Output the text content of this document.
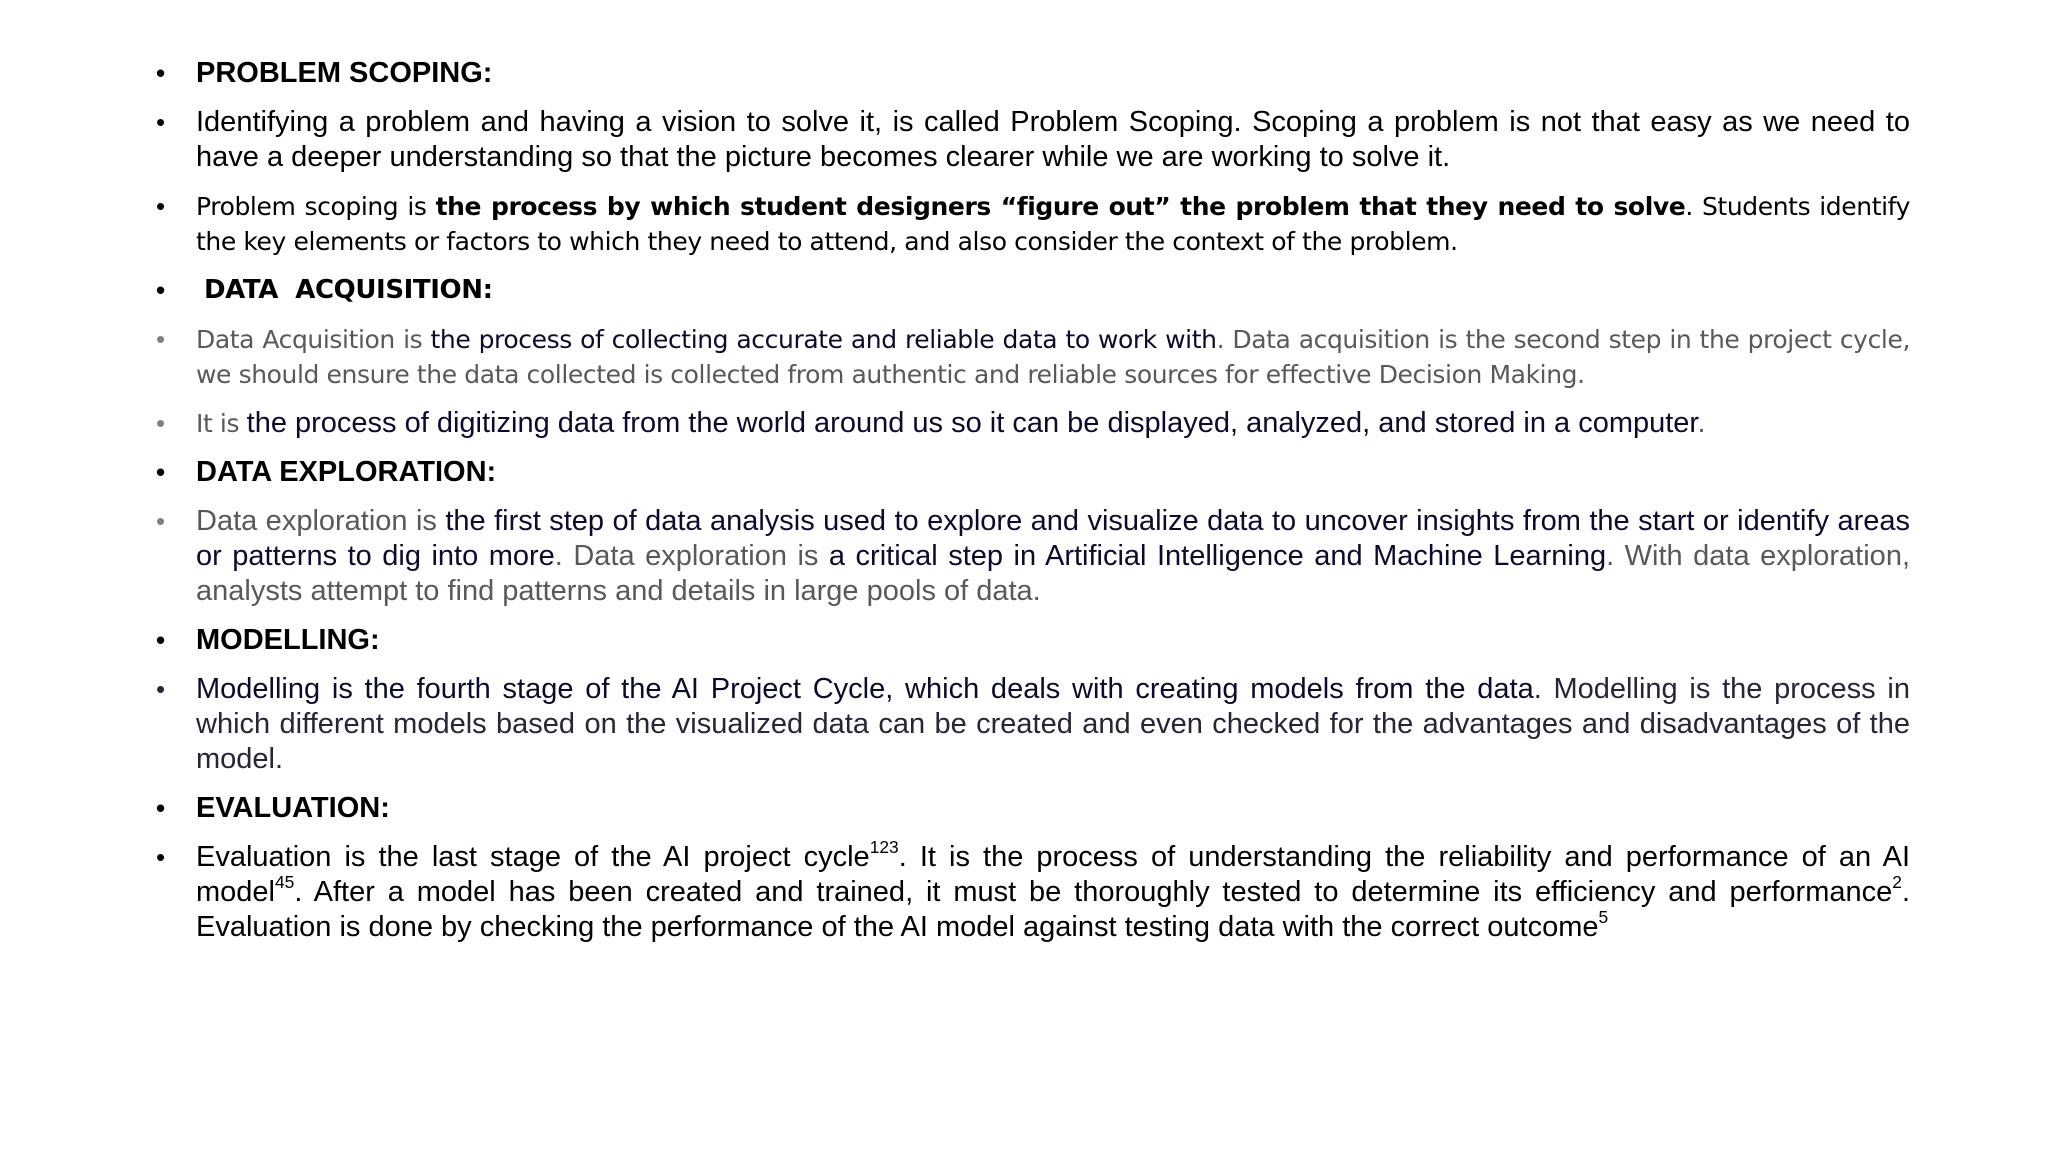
• PROBLEM SCOPING:
• Identifying a problem and having a vision to solve it, is called Problem Scoping. Scoping a problem is not that easy as we need to have a deeper understanding so that the picture becomes clearer while we are working to solve it.
• Problem scoping is the process by which student designers “figure out” the problem that they need to solve. Students identify the key elements or factors to which they need to attend, and also consider the context of the problem.
• DATA  ACQUISITION:
• Data Acquisition is the process of collecting accurate and reliable data to work with. Data acquisition is the second step in the project cycle, we should ensure the data collected is collected from authentic and reliable sources for effective Decision Making.
• It is the process of digitizing data from the world around us so it can be displayed, analyzed, and stored in a computer.
• DATA EXPLORATION:
• Data exploration is the first step of data analysis used to explore and visualize data to uncover insights from the start or identify areas or patterns to dig into more. Data exploration is a critical step in Artificial Intelligence and Machine Learning. With data exploration, analysts attempt to find patterns and details in large pools of data.
• MODELLING:
• Modelling is the fourth stage of the AI Project Cycle, which deals with creating models from the data. Modelling is the process in which different models based on the visualized data can be created and even checked for the advantages and disadvantages of the model.
• EVALUATION:
• Evaluation is the last stage of the AI project cycle$^{123}$. It is the process of understanding the reliability and performance of an AI model$^{45}$. After a model has been created and trained, it must be thoroughly tested to determine its efficiency and performance$^2$. Evaluation is done by checking the performance of the AI model against testing data with the correct outcome$^5$
